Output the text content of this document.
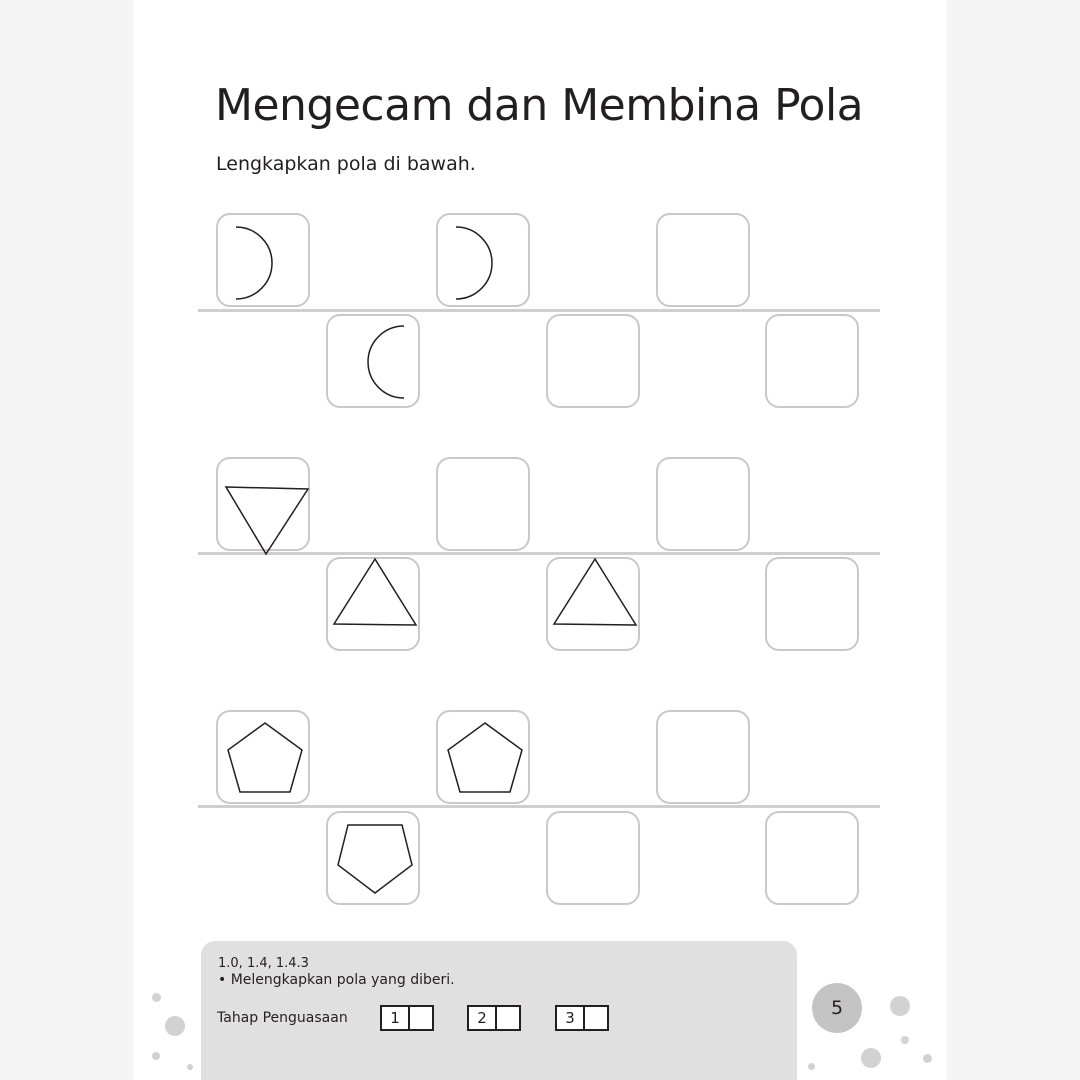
Mengecam dan Membina Pola
Lengkapkan pola di bawah.
1.0, 1.4, 1.4.3
• Melengkapkan pola yang diberi.
Tahap Penguasaan	1	2	3	5
